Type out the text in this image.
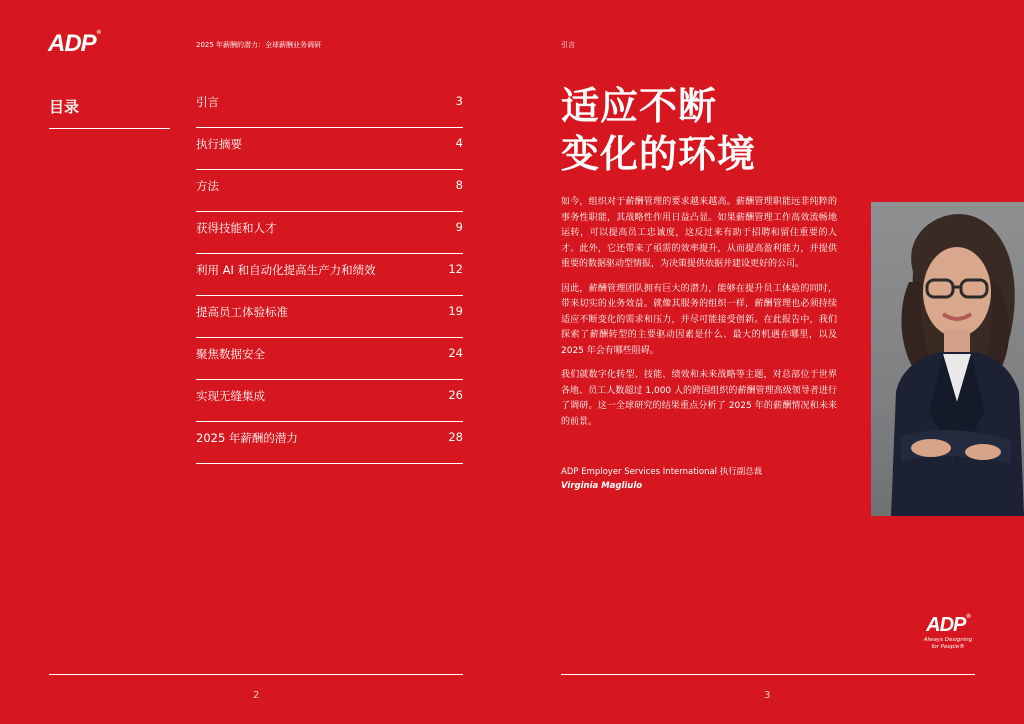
ADP®
2025 年薪酬的潜力：全球薪酬业务调研	引言
目录	引言	3
执行摘要	4
方法	8
获得技能和人才	9
利用 AI 和自动化提高生产力和绩效	12
提高员工体验标准	19
聚焦数据安全	24
实现无缝集成	26
2025 年薪酬的潜力	28
适应不断
变化的环境

如今，组织对于薪酬管理的要求越来越高。薪酬管理职能远非纯粹的事务性职能，其战略性作用日益凸显。如果薪酬管理工作高效流畅地运转，可以提高员工忠诚度，这反过来有助于招聘和留住重要的人才。此外，它还带来了亟需的效率提升，从而提高盈利能力，并提供重要的数据驱动型情报，为决策提供依据并建设更好的公司。

因此，薪酬管理团队拥有巨大的潜力，能够在提升员工体验的同时，带来切实的业务效益。就像其服务的组织一样，薪酬管理也必须持续适应不断变化的需求和压力，并尽可能接受创新。在此报告中，我们探索了薪酬转型的主要驱动因素是什么、最大的机遇在哪里，以及 2025 年会有哪些阻碍。

我们就数字化转型、技能、绩效和未来战略等主题，对总部位于世界各地、员工人数超过 1,000 人的跨国组织的薪酬管理高级领导者进行了调研。这一全球研究的结果重点分析了 2025 年的薪酬情况和未来的前景。

ADP Employer Services International 执行副总裁
Virginia Magliulo
ADP®
Always Designing
for People®
2	3
